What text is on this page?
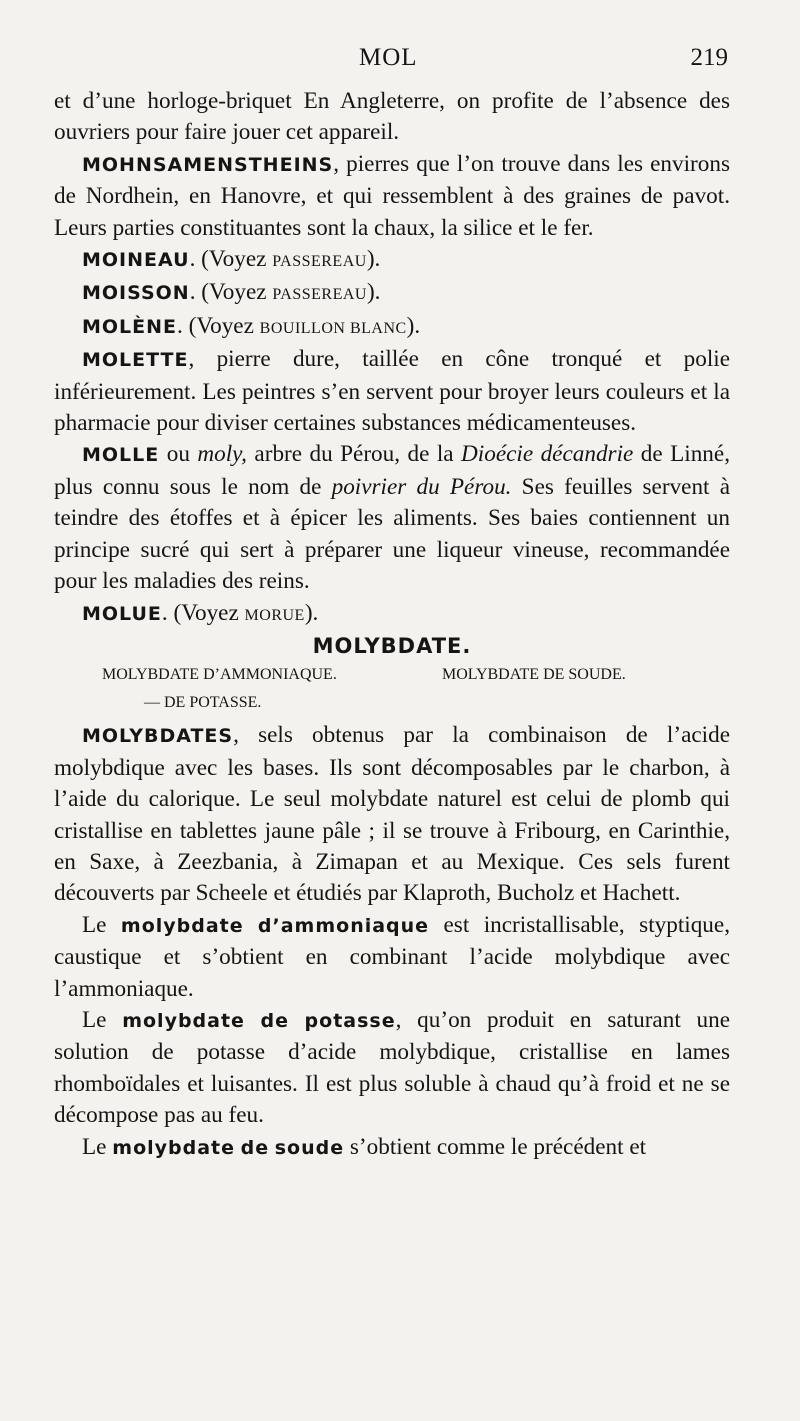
MOL	219

et d’une horloge-briquet En Angleterre, on profite de l’absence des ouvriers pour faire jouer cet appareil.

MOHNSAMENSTHEINS, pierres que l’on trouve dans les environs de Nordhein, en Hanovre, et qui ressemblent à des graines de pavot. Leurs parties constituantes sont la chaux, la silice et le fer.

MOINEAU. (Voyez PASSEREAU).

MOISSON. (Voyez PASSEREAU).

MOLÈNE. (Voyez BOUILLON BLANC).

MOLETTE, pierre dure, taillée en cône tronqué et polie inférieurement. Les peintres s’en servent pour broyer leurs couleurs et la pharmacie pour diviser certaines substances médicamenteuses.

MOLLE ou moly, arbre du Pérou, de la Dioécie décandrie de Linné, plus connu sous le nom de poivrier du Pérou. Ses feuilles servent à teindre des étoffes et à épicer les aliments. Ses baies contiennent un principe sucré qui sert à préparer une liqueur vineuse, recommandée pour les maladies des reins.

MOLUE. (Voyez MORUE).

MOLYBDATE.

MOLYBDATE D’AMMONIAQUE.	MOLYBDATE DE SOUDE.
— DE POTASSE.

MOLYBDATES, sels obtenus par la combinaison de l’acide molybdique avec les bases. Ils sont décomposables par le charbon, à l’aide du calorique. Le seul molybdate naturel est celui de plomb qui cristallise en tablettes jaune pâle ; il se trouve à Fribourg, en Carinthie, en Saxe, à Zeezbania, à Zimapan et au Mexique. Ces sels furent découverts par Scheele et étudiés par Klaproth, Bucholz et Hachett.

Le molybdate d’ammoniaque est incristallisable, styptique, caustique et s’obtient en combinant l’acide molybdique avec l’ammoniaque.

Le molybdate de potasse, qu’on produit en saturant une solution de potasse d’acide molybdique, cristallise en lames rhomboïdales et luisantes. Il est plus soluble à chaud qu’à froid et ne se décompose pas au feu.

Le molybdate de soude s’obtient comme le précédent et
